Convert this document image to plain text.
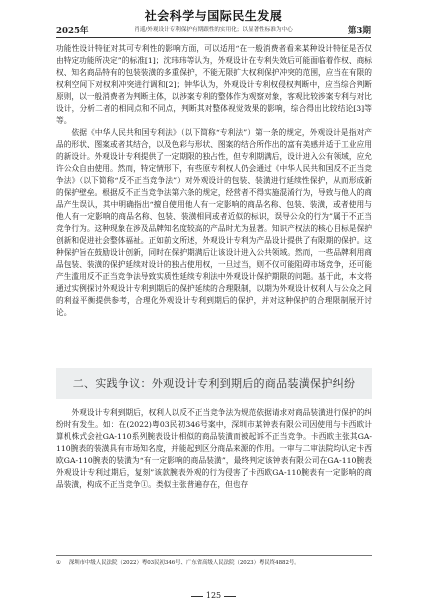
社会科学与国际民生发展
2025年	肖遥/外观设计专利保护有期跟性的实用化；以显著性标准为中心	第3期

功能性设计特征对其可专利性的影响方面，可以适用“在一般消费者看来某种设计特征是否仅由特定功能所决定”的标准[1]；沈玮玮等认为，外观设计在专利失效后可能面临着作权、商标权、知名商品特有的包装装潢的多重保护，不能无限扩大权利保护冲突的范围，应当在有限的权利空间下对权利冲突进行调和[2]；钟华认为，外观设计专利权侵权判断中，应当综合判断原则，以一般消费者为判断主体，以涉案专利的整体作为观察对象，客观比较涉案专利与对比设计，分析二者的相同点和不同点，判断其对整体视觉效果的影响，综合得出比较结论[3]等等。

依据《中华人民共和国专利法》（以下简称“专利法”）第一条的规定，外观设计是指对产品的形状、图案或者其结合，以及色彩与形状、图案的结合所作出的富有美感并适于工业应用的新设计。外观设计专利提供了一定期限的独占性，但专利期满后，设计进入公有领域，应允许公众自由使用。然而，特定情形下，有些原专利权人仍会通过《中华人民共和国反不正当竞争法》（以下简称“反不正当竞争法”）对外观设计的包装、装潢进行延续性保护，从而形成新的保护壁垒。根据反不正当竞争法第六条的规定，经营者不得实施混淆行为，导致与他人的商品产生误认，其中明确指出“擅自使用他人有一定影响的商品名称、包装、装潢，或者使用与他人有一定影响的商品名称、包装、装潢相同或者近似的标识，误导公众的行为”属于不正当竞争行为。这种现象在涉及品牌知名度较高的产品时尤为显著。知识产权法的核心目标是保护创新和促进社会整体福祉。正如前文所述，外观设计专利为产品设计提供了有限期的保护。这种保护旨在鼓励设计创新，同时在保护期满后让该设计进入公共领域。然而，一些品牌利用商品包装、装潢的保护延续对设计的独占使用权，一旦过当，则不仅可能阻碍市场竞争，还可能产生滥用反不正当竞争法导致实质性延续专利法中外观设计保护期限的问题。基于此，本文将通过实例探讨外观设计专利到期后的保护延续的合理限制，以期为外观设计权利人与公众之间的利益平衡提供参考，合理化外观设计专利到期后的保护，并对这种保护的合理限制展开讨论。

二、实践争议：外观设计专利到期后的商品装潢保护纠纷

外观设计专利到期后，权利人以反不正当竞争法为规范依据请求对商品装潢进行保护的纠纷时有发生。如：在(2022)粤03民初346号案中，深圳市某钟表有限公司因使用与卡西欧计算机株式会社GA-110系列腕表设计相似的商品装潢而被起诉不正当竞争。卡西欧主张其GA-110腕表的装潢具有市场知名度，并能起到区分商品来源的作用。一审与二审法院均认定卡西欧GA-110腕表的装潢为“有一定影响的商品装潢”，最终判定该钟表有限公司在GA-110腕表外观设计专利过期后，复刻”该款腕表外观的行为侵害了卡西欧GA-110腕表有一定影响的商品装潢，构成不正当竞争①。类似主张普遍存在，但也存

① 深圳市中级人民法院（2022）粤03民初346号、广东省高级人民法院（2023）粤民终4882号。
125
